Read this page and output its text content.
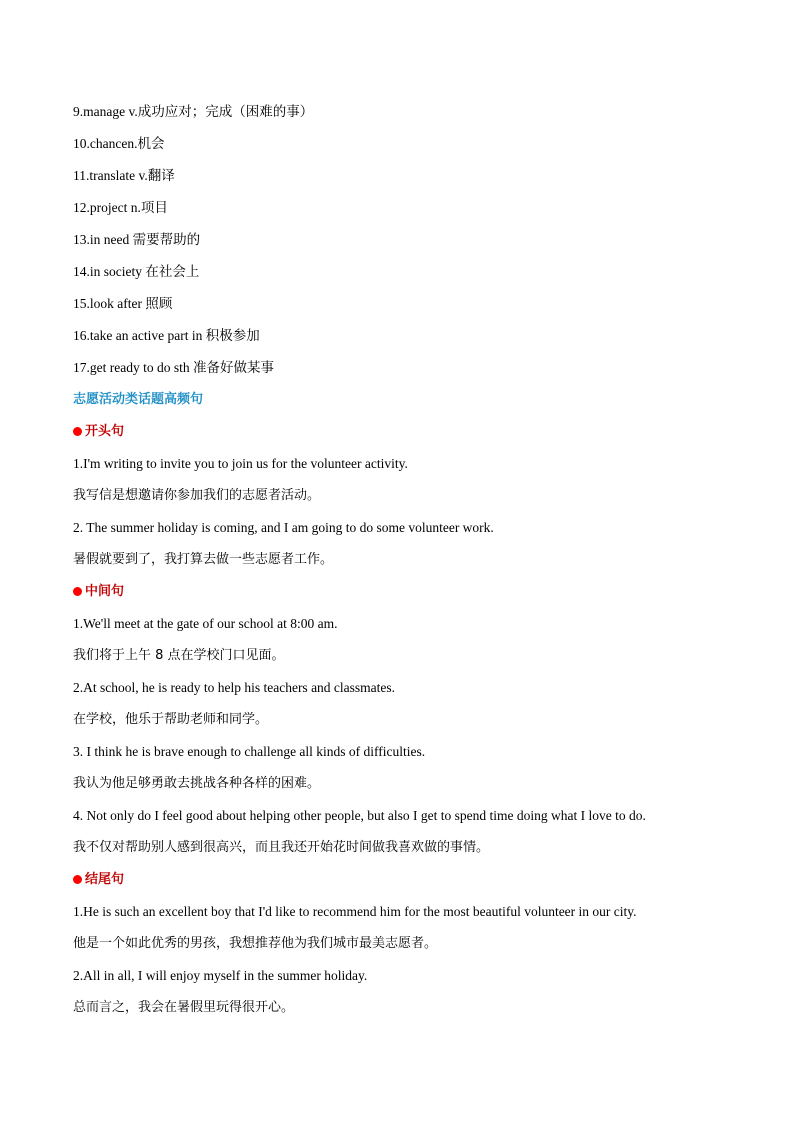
9.manage v.成功应对；完成（困难的事）
10.chancen.机会
11.translate v.翻译
12.project n.项目
13.in need 需要帮助的
14.in society 在社会上
15.look after 照顾
16.take an active part in 积极参加
17.get ready to do sth 准备好做某事
志愿活动类话题高频句
开头句
1.I'm writing to invite you to join us for the volunteer activity.
我写信是想邀请你参加我们的志愿者活动。
2. The summer holiday is coming, and I am going to do some volunteer work.
暑假就要到了，我打算去做一些志愿者工作。
中间句
1.We'll meet at the gate of our school at 8:00 am.
我们将于上午 8 点在学校门口见面。
2.At school, he is ready to help his teachers and classmates.
在学校，他乐于帮助老师和同学。
3. I think he is brave enough to challenge all kinds of difficulties.
我认为他足够勇敢去挑战各种各样的困难。
4. Not only do I feel good about helping other people, but also I get to spend time doing what I love to do.
我不仅对帮助别人感到很高兴，而且我还开始花时间做我喜欢做的事情。
结尾句
1.He is such an excellent boy that I'd like to recommend him for the most beautiful volunteer in our city.
他是一个如此优秀的男孩，我想推荐他为我们城市最美志愿者。
2.All in all, I will enjoy myself in the summer holiday.
总而言之，我会在暑假里玩得很开心。
